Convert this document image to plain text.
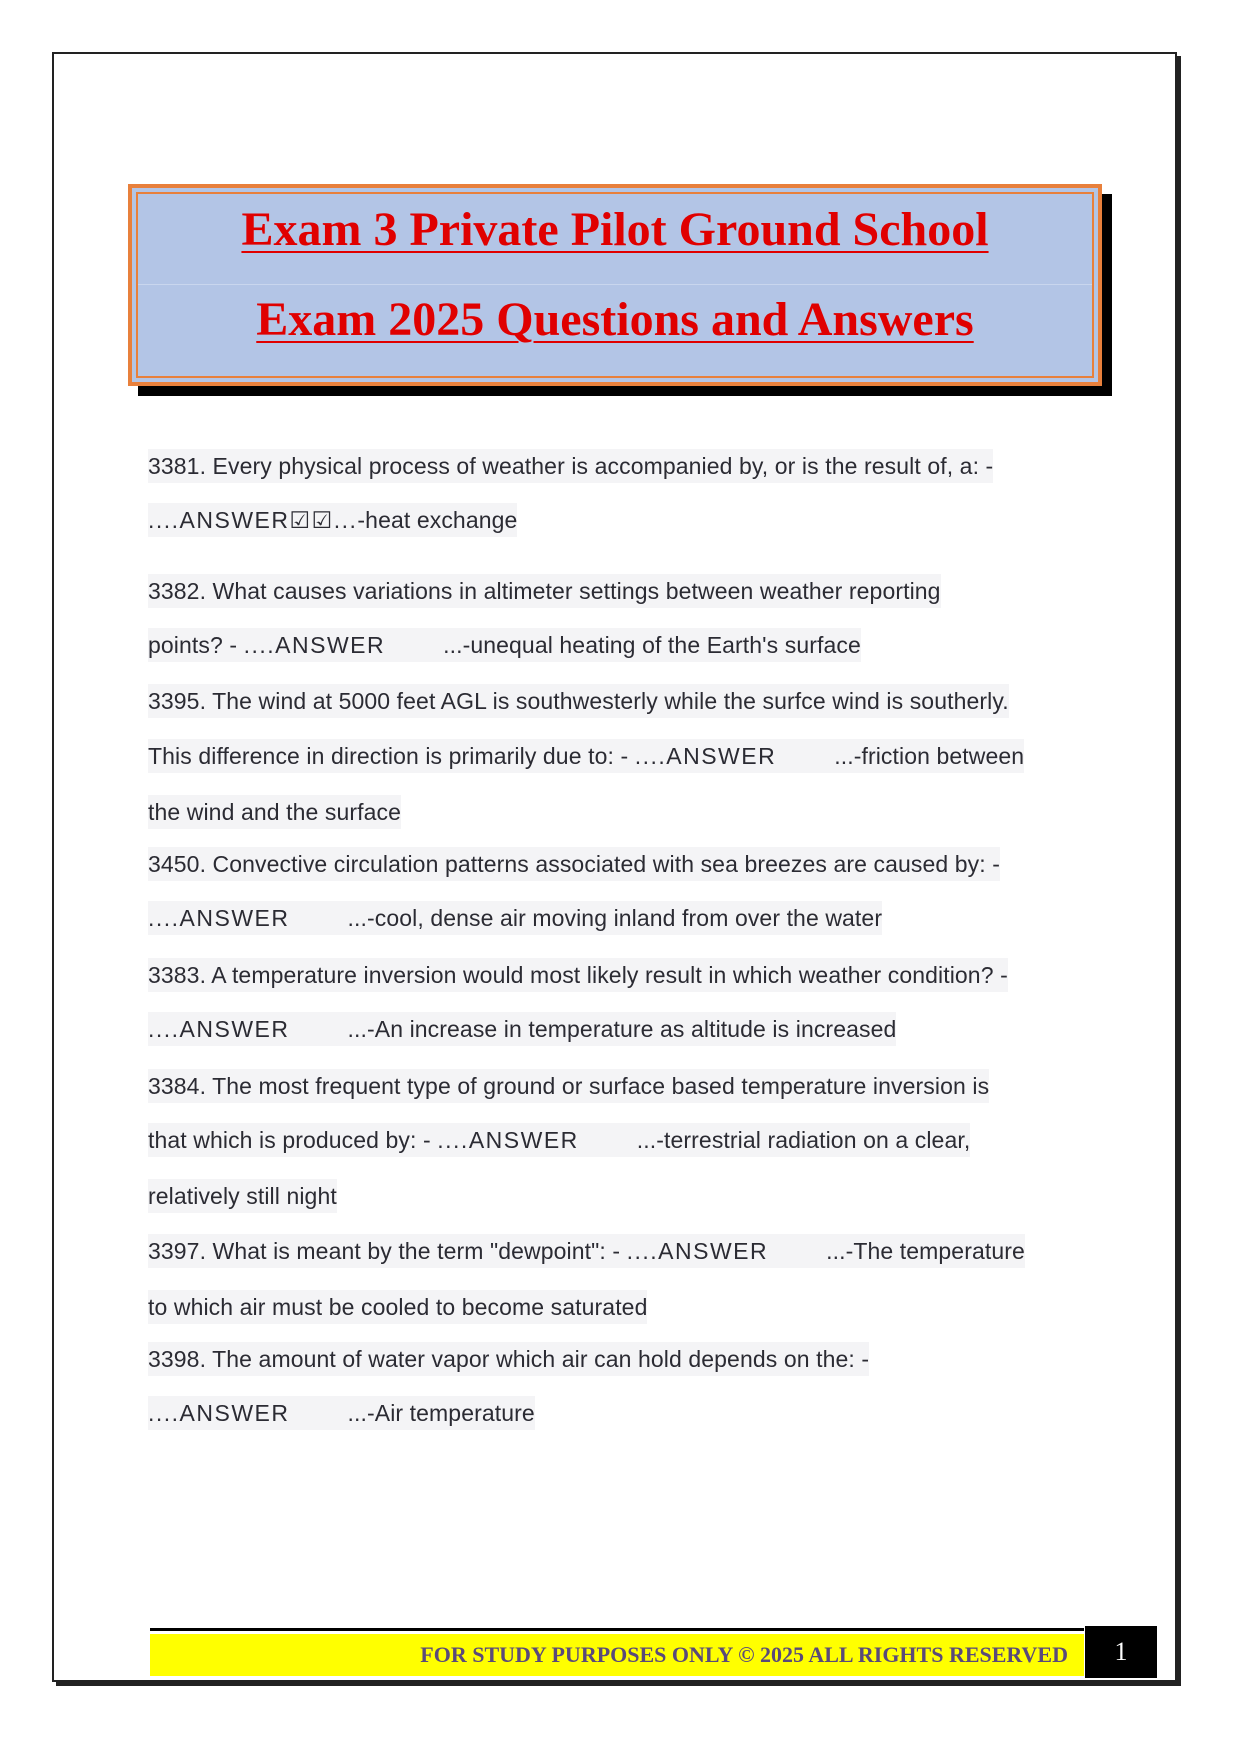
Exam 3 Private Pilot Ground School
Exam 2025 Questions and Answers
3381. Every physical process of weather is accompanied by, or is the result of, a: -
....ANSWER☑☑...-heat exchange
3382. What causes variations in altimeter settings between weather reporting
points? - ....ANSWER	...-unequal heating of the Earth's surface
3395. The wind at 5000 feet AGL is southwesterly while the surfce wind is southerly.
This difference in direction is primarily due to: - ....ANSWER	...-friction between
the wind and the surface
3450. Convective circulation patterns associated with sea breezes are caused by: -
....ANSWER	...-cool, dense air moving inland from over the water
3383. A temperature inversion would most likely result in which weather condition? -
....ANSWER	...-An increase in temperature as altitude is increased
3384. The most frequent type of ground or surface based temperature inversion is
that which is produced by: - ....ANSWER	...-terrestrial radiation on a clear,
relatively still night
3397. What is meant by the term "dewpoint": - ....ANSWER	...-The temperature
to which air must be cooled to become saturated
3398. The amount of water vapor which air can hold depends on the: -
....ANSWER	...-Air temperature
FOR STUDY PURPOSES ONLY © 2025 ALL RIGHTS RESERVED	1
